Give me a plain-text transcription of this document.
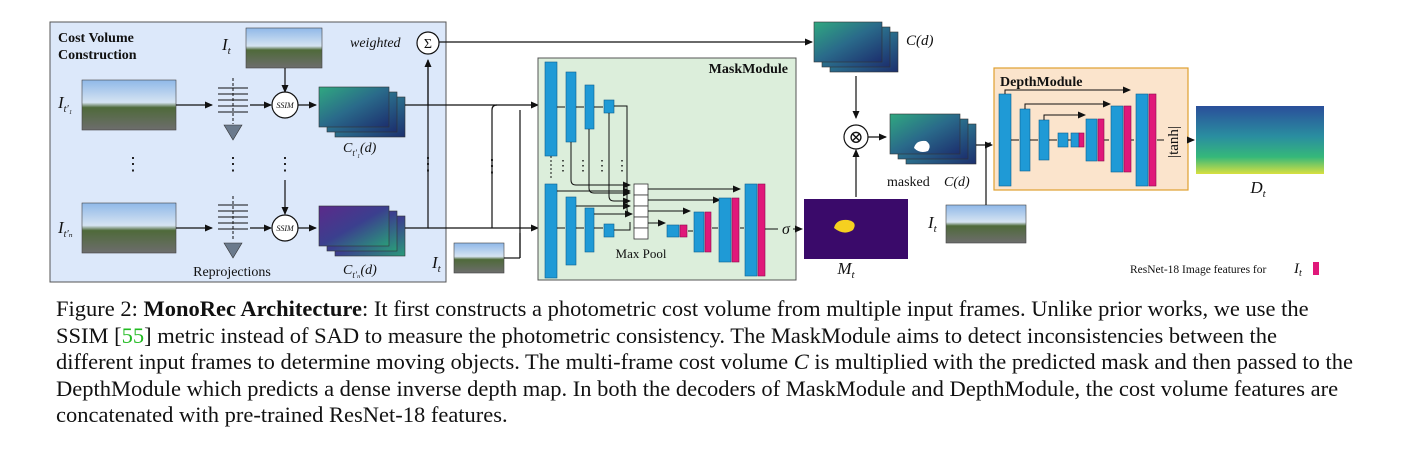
Cost Volume
Construction
$I_t$
$I_{t'_1}$	SSIM
$C_{t'_1}(d)$
⋮	⋮ ⋮	⋮	⋮
$I_{t'_n}$
Reprojections
SSIM
$C_{t'_n}(d)$
weighted Σ	C(d)
$I_t$
MaskModule
⋮ ⋮ ⋮ ⋮
Max Pool
σ
$M_t$
⊗
masked C(d)
$I_t$
DepthModule
|tanh|
$D_t$
ResNet-18 Image features for $I_t$

Figure 2: MonoRec Architecture: It first constructs a photometric cost volume from multiple input frames. Unlike prior works, we use the SSIM [55] metric instead of SAD to measure the photometric consistency. The MaskModule aims to detect inconsistencies between the different input frames to determine moving objects. The multi-frame cost volume C is multiplied with the predicted mask and then passed to the DepthModule which predicts a dense inverse depth map. In both the decoders of MaskModule and DepthModule, the cost volume features are concatenated with pre-trained ResNet-18 features.
